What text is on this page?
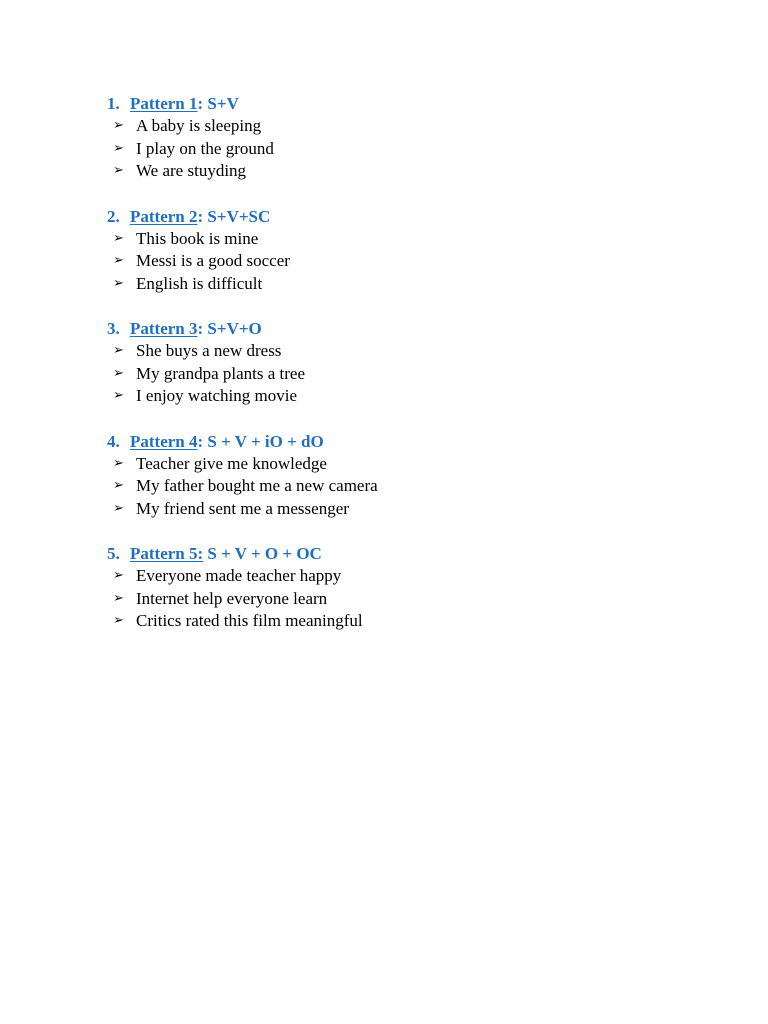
1. Pattern 1: S+V
➢ A baby is sleeping
➢ I play on the ground
➢ We are stuyding
2. Pattern 2: S+V+SC
➢ This book is mine
➢ Messi is a good soccer
➢ English is difficult
3. Pattern 3: S+V+O
➢ She buys a new dress
➢ My grandpa plants a tree
➢ I enjoy watching movie
4. Pattern 4: S + V + iO + dO
➢ Teacher give me knowledge
➢ My father bought me a new camera
➢ My friend sent me a messenger
5. Pattern 5: S + V + O + OC
➢ Everyone made teacher happy
➢ Internet help everyone learn
➢ Critics rated this film meaningful
